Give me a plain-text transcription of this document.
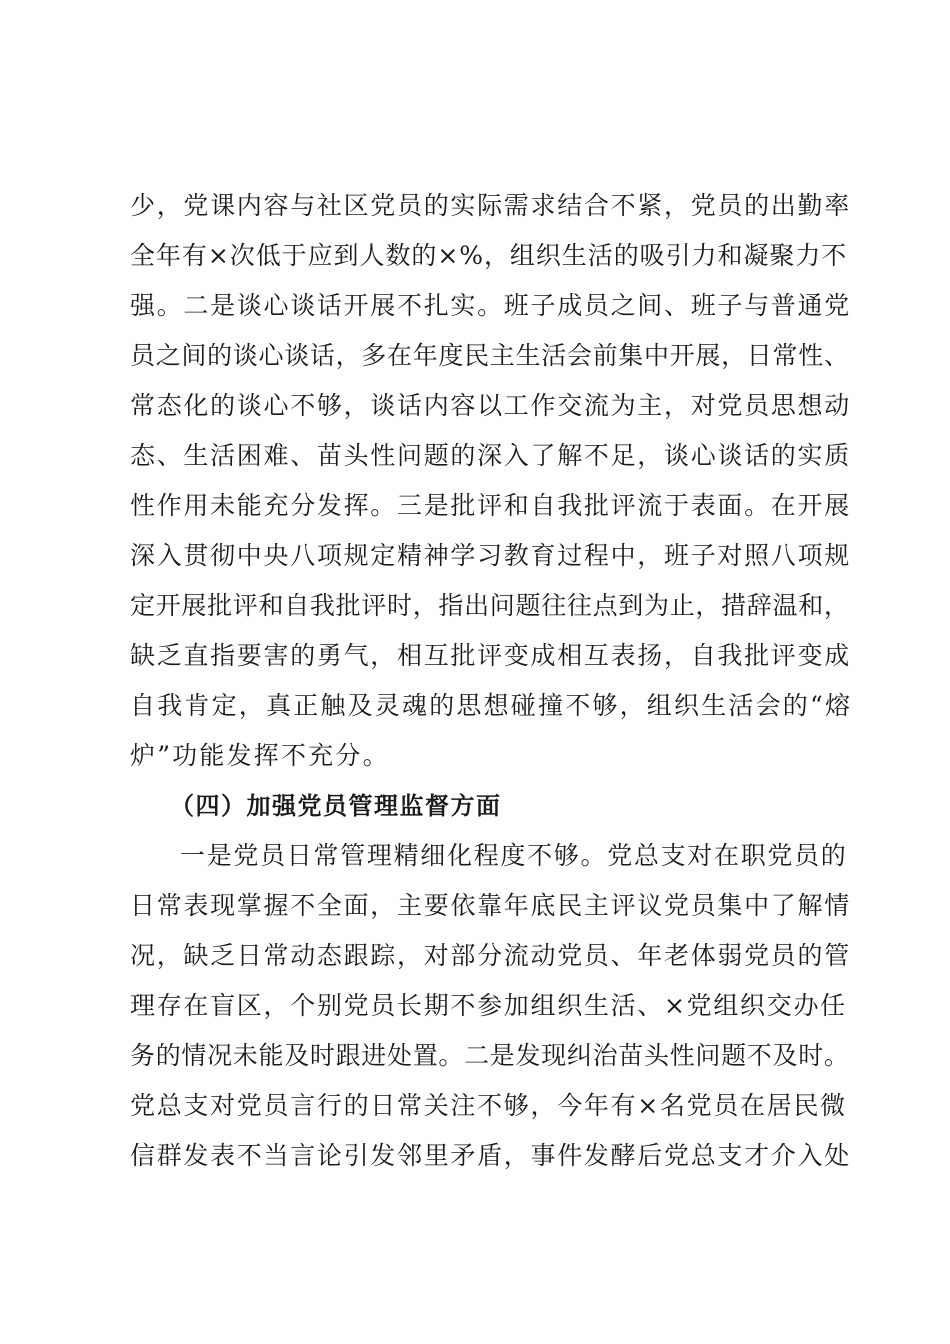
少，党课内容与社区党员的实际需求结合不紧，党员的出勤率
全年有×次低于应到人数的×%，组织生活的吸引力和凝聚力不
强。二是谈心谈话开展不扎实。班子成员之间、班子与普通党
员之间的谈心谈话，多在年度民主生活会前集中开展，日常性、
常态化的谈心不够，谈话内容以工作交流为主，对党员思想动
态、生活困难、苗头性问题的深入了解不足，谈心谈话的实质
性作用未能充分发挥。三是批评和自我批评流于表面。在开展
深入贯彻中央八项规定精神学习教育过程中，班子对照八项规
定开展批评和自我批评时，指出问题往往点到为止，措辞温和，
缺乏直指要害的勇气，相互批评变成相互表扬，自我批评变成
自我肯定，真正触及灵魂的思想碰撞不够，组织生活会的“熔
炉”功能发挥不充分。
（四）加强党员管理监督方面
一是党员日常管理精细化程度不够。党总支对在职党员的
日常表现掌握不全面，主要依靠年底民主评议党员集中了解情
况，缺乏日常动态跟踪，对部分流动党员、年老体弱党员的管
理存在盲区，个别党员长期不参加组织生活、×党组织交办任
务的情况未能及时跟进处置。二是发现纠治苗头性问题不及时。
党总支对党员言行的日常关注不够，今年有×名党员在居民微
信群发表不当言论引发邻里矛盾，事件发酵后党总支才介入处
